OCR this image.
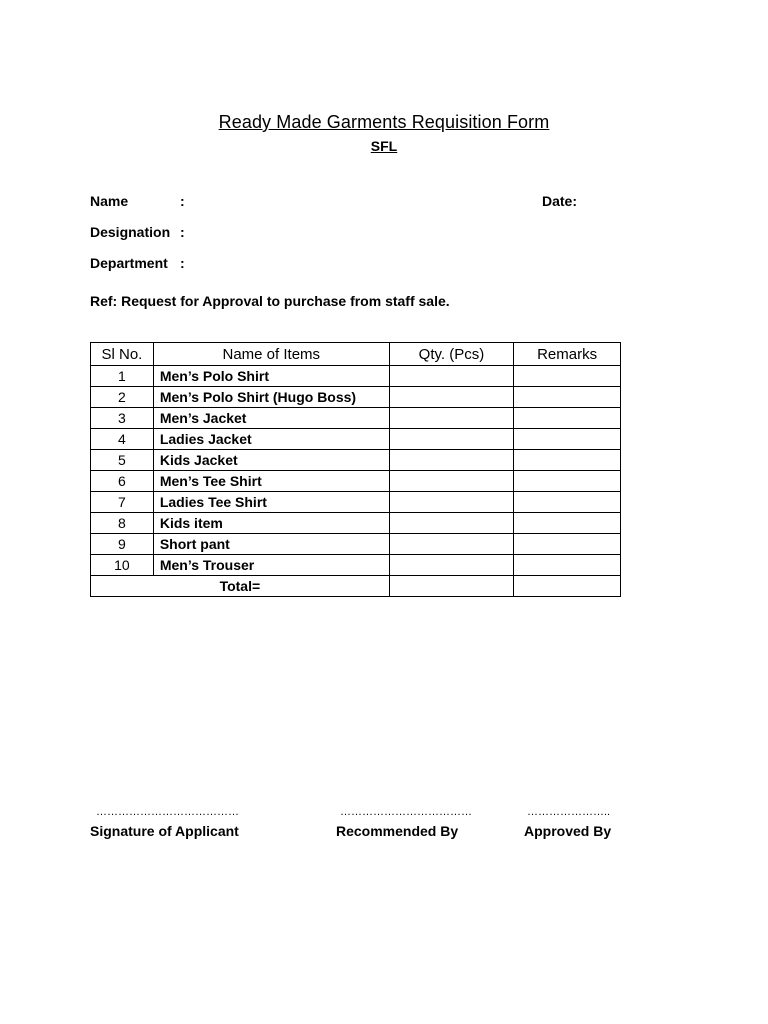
Ready Made Garments Requisition Form
SFL
Name	:	Date:
Designation :
Department :
Ref: Request for Approval to purchase from staff sale.
Sl No.	Name of Items	Qty. (Pcs)	Remarks
1	Men’s Polo Shirt		
2	Men’s Polo Shirt (Hugo Boss)		
3	Men’s Jacket		
4	Ladies Jacket		
5	Kids Jacket		
6	Men’s Tee Shirt		
7	Ladies Tee Shirt		
8	Kids item		
9	Short pant		
10	Men’s Trouser		
Total=			
…………………………………
Signature of Applicant
………………………………
Recommended By
…………………..
Approved By
